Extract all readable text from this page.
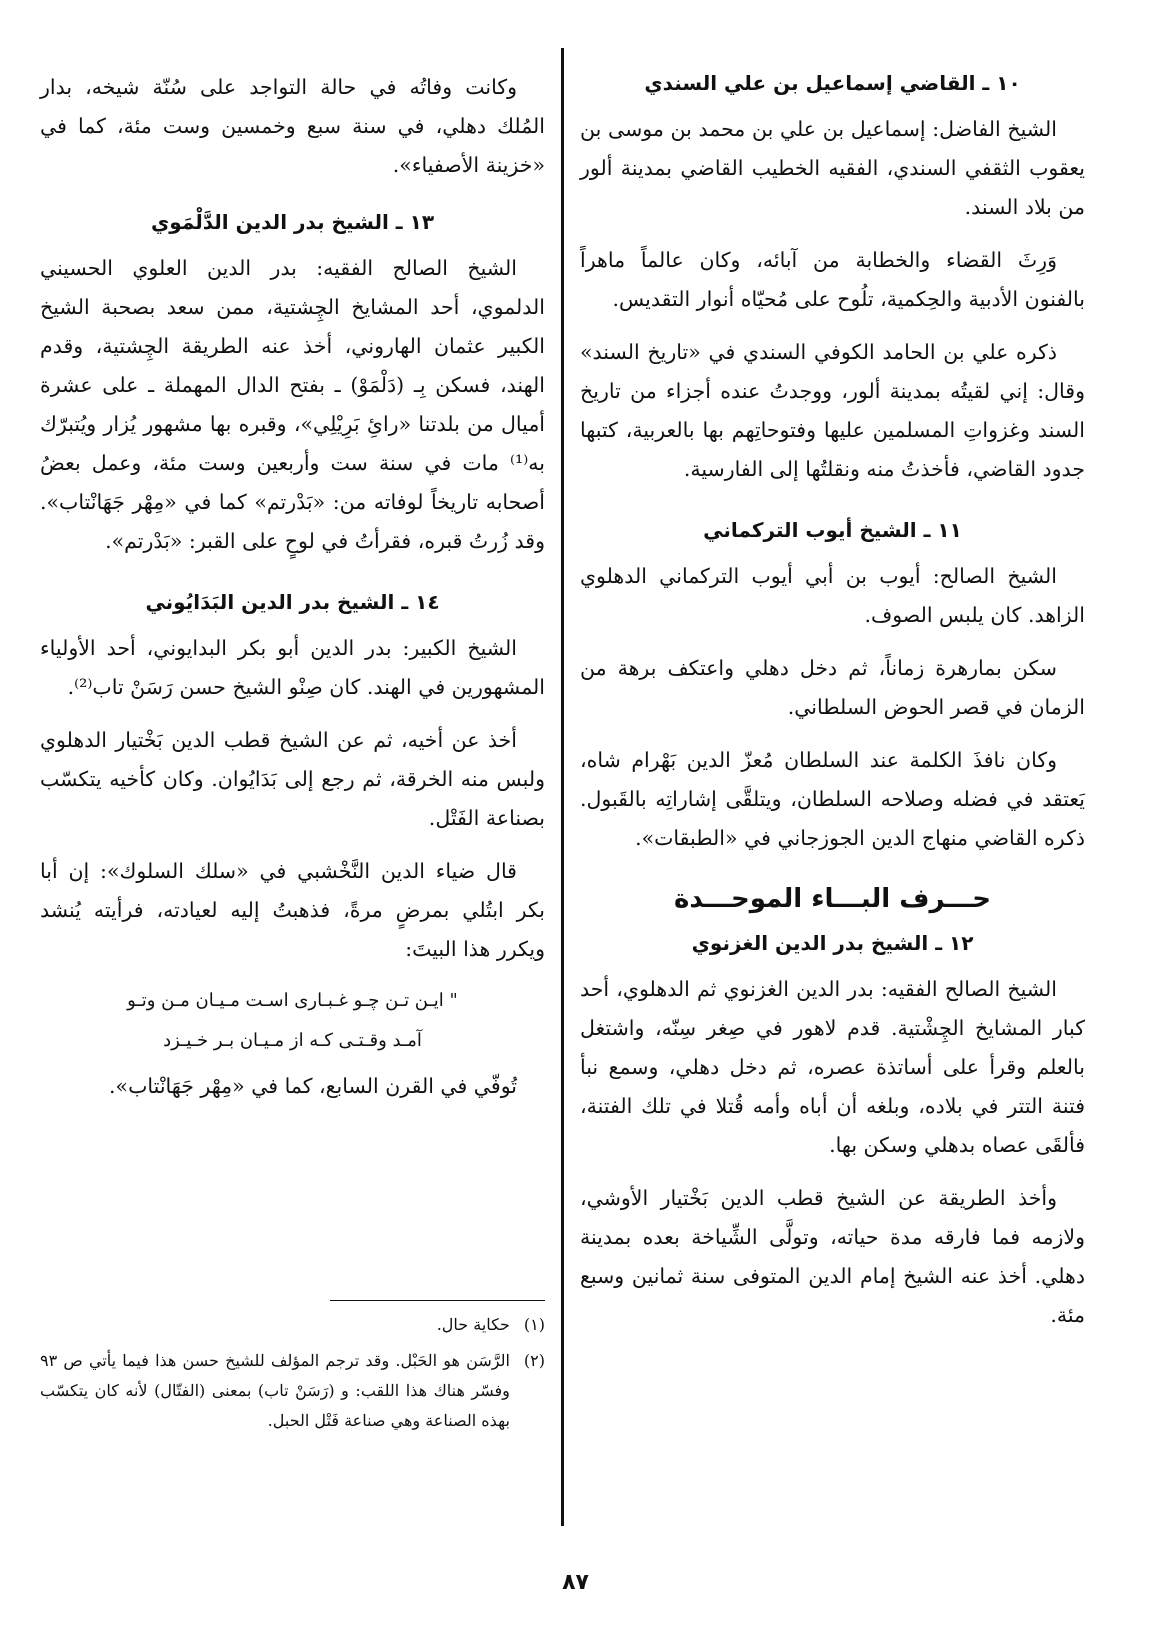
١٠ ـ القاضي إسماعيل بن علي السندي

الشيخ الفاضل: إسماعيل بن علي بن محمد بن موسى بن يعقوب الثقفي السندي، الفقيه الخطيب القاضي بمدينة ألور من بلاد السند.

وَرِثَ القضاء والخطابة من آبائه، وكان عالماً ماهراً بالفنون الأدبية والحِكمية، تلُوح على مُحيّاه أنوار التقديس.

ذكره علي بن الحامد الكوفي السندي في «تاريخ السند» وقال: إني لقيتُه بمدينة ألور، ووجدتُ عنده أجزاء من تاريخ السند وغزواتِ المسلمين عليها وفتوحاتِهم بها بالعربية، كتبها جدود القاضي، فأخذتُ منه ونقلتُها إلى الفارسية.

١١ ـ الشيخ أيوب التركماني

الشيخ الصالح: أيوب بن أبي أيوب التركماني الدهلوي الزاهد. كان يلبس الصوف.

سكن بمارهرة زماناً، ثم دخل دهلي واعتكف برهة من الزمان في قصر الحوض السلطاني.

وكان نافذَ الكلمة عند السلطان مُعزّ الدين بَهْرام شاه، يَعتقد في فضله وصلاحه السلطان، ويتلقَّى إشاراتِه بالقَبول. ذكره القاضي منهاج الدين الجوزجاني في «الطبقات».

حـــرف البـــاء الموحـــدة
١٢ ـ الشيخ بدر الدين الغزنوي

الشيخ الصالح الفقيه: بدر الدين الغزنوي ثم الدهلوي، أحد كبار المشايخ الچِشْتية. قدم لاهور في صِغر سِنّه، واشتغل بالعلم وقرأ على أساتذة عصره، ثم دخل دهلي، وسمع نبأ فتنة التتر في بلاده، وبلغه أن أباه وأمه قُتلا في تلك الفتنة، فألقَى عصاه بدهلي وسكن بها.

وأخذ الطريقة عن الشيخ قطب الدين بَخْتيار الأوشي، ولازمه فما فارقه مدة حياته، وتولَّى الشِّياخة بعده بمدينة دهلي. أخذ عنه الشيخ إمام الدين المتوفى سنة ثمانين وسبع مئة.

وكانت وفاتُه في حالة التواجد على سُنّة شيخه، بدار المُلك دهلي، في سنة سبع وخمسين وست مئة، كما في «خزينة الأصفياء».

١٣ ـ الشيخ بدر الدين الدَّلْمَوي

الشيخ الصالح الفقيه: بدر الدين العلوي الحسيني الدلموي، أحد المشايخ الچِشتية، ممن سعد بصحبة الشيخ الكبير عثمان الهاروني، أخذ عنه الطريقة الچِشتية، وقدم الهند، فسكن بِـ (دَلْمَوْ) ـ بفتح الدال المهملة ـ على عشرة أميال من بلدتنا «رائِ بَرِيْلِي»، وقبره بها مشهور يُزار ويُتبرّك به⁽¹⁾ مات في سنة ست وأربعين وست مئة، وعمل بعضُ أصحابه تاريخاً لوفاته من: «بَدْرتم» كما في «مِهْر جَهَانْتاب». وقد زُرتُ قبره، فقرأتُ في لوحٍ على القبر: «بَدْرتم».

١٤ ـ الشيخ بدر الدين البَدَايُوني

الشيخ الكبير: بدر الدين أبو بكر البدايوني، أحد الأولياء المشهورين في الهند. كان صِنْو الشيخ حسن رَسَنْ تاب⁽²⁾.

أخذ عن أخيه، ثم عن الشيخ قطب الدين بَخْتيار الدهلوي ولبس منه الخرقة، ثم رجع إلى بَدَايُوان. وكان كأخيه يتكسّب بصناعة الفَتْل.

قال ضياء الدين النَّخْشبي في «سلك السلوك»: إن أبا بكر ابتُلي بمرضٍ مرةً، فذهبتُ إليه لعيادته، فرأيته يُنشد ويكرر هذا البيتَ:

" ايـن تـن چـو غـبـارى اسـت مـيـان مـن وتـو
آمـد وقـتـى كـه از مـيـان بـر خـيـزد

تُوفّي في القرن السابع، كما في «مِهْر جَهَانْتاب».

(١)
حكاية حال.
(٢)
الرَّسَن هو الحَبْل. وقد ترجم المؤلف للشيخ حسن هذا فيما يأتي ص ٩٣ وفسّر هناك هذا اللقب: و (رَسَنْ تاب) بمعنى (الفتّال) لأنه كان يتكسّب بهذه الصناعة وهي صناعة فَتْل الحبل.
٨٧
